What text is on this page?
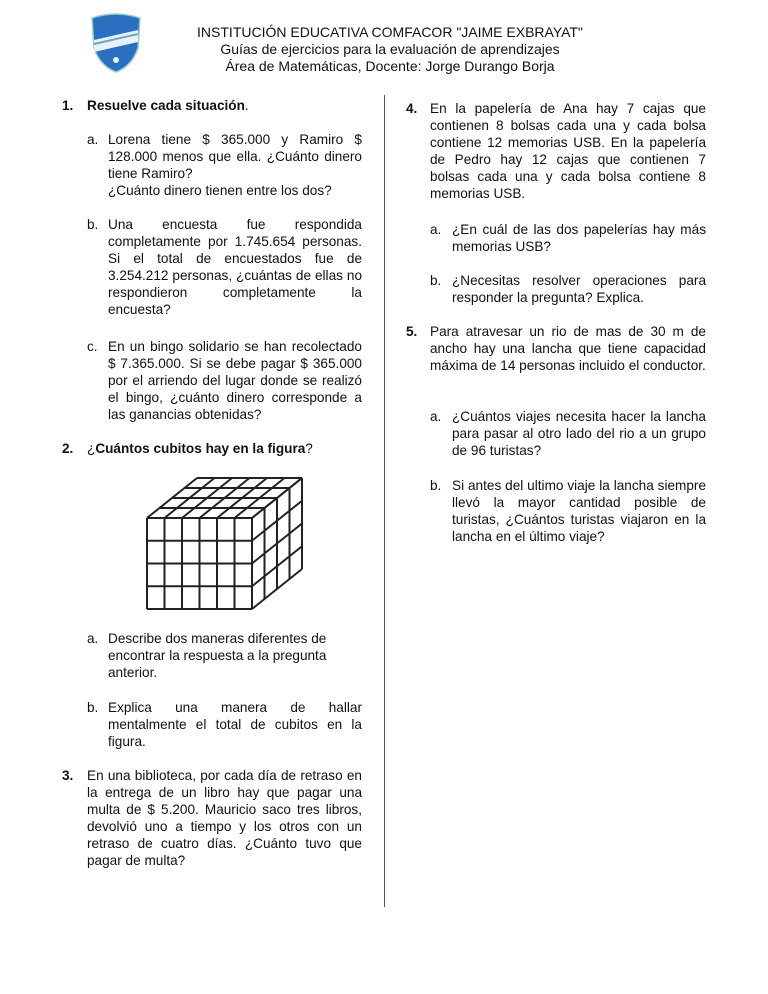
INSTITUCIÓN EDUCATIVA COMFACOR "JAIME EXBRAYAT"
Guías de ejercicios para la evaluación de aprendizajes
Área de Matemáticas, Docente: Jorge Durango Borja
1. Resuelve cada situación.
a. Lorena tiene $ 365.000 y Ramiro $ 128.000 menos que ella. ¿Cuánto dinero tiene Ramiro?
¿Cuánto dinero tienen entre los dos?
b. Una encuesta fue respondida completamente por 1.745.654 personas. Si el total de encuestados fue de 3.254.212 personas, ¿cuántas de ellas no respondieron completamente la encuesta?
c. En un bingo solidario se han recolectado $ 7.365.000. Si se debe pagar $ 365.000 por el arriendo del lugar donde se realizó el bingo, ¿cuánto dinero corresponde a las ganancias obtenidas?
2. ¿Cuántos cubitos hay en la figura?
a. Describe dos maneras diferentes de encontrar la respuesta a la pregunta anterior.
b. Explica una manera de hallar mentalmente el total de cubitos en la figura.
3. En una biblioteca, por cada día de retraso en la entrega de un libro hay que pagar una multa de $ 5.200. Mauricio saco tres libros, devolvió uno a tiempo y los otros con un retraso de cuatro días. ¿Cuánto tuvo que pagar de multa?
4. En la papelería de Ana hay 7 cajas que contienen 8 bolsas cada una y cada bolsa contiene 12 memorias USB. En la papelería de Pedro hay 12 cajas que contienen 7 bolsas cada una y cada bolsa contiene 8 memorias USB.
a. ¿En cuál de las dos papelerías hay más memorias USB?
b. ¿Necesitas resolver operaciones para responder la pregunta? Explica.
5. Para atravesar un rio de mas de 30 m de ancho hay una lancha que tiene capacidad máxima de 14 personas incluido el conductor.
a. ¿Cuántos viajes necesita hacer la lancha para pasar al otro lado del rio a un grupo de 96 turistas?
b. Si antes del ultimo viaje la lancha siempre llevó la mayor cantidad posible de turistas, ¿Cuántos turistas viajaron en la lancha en el último viaje?
